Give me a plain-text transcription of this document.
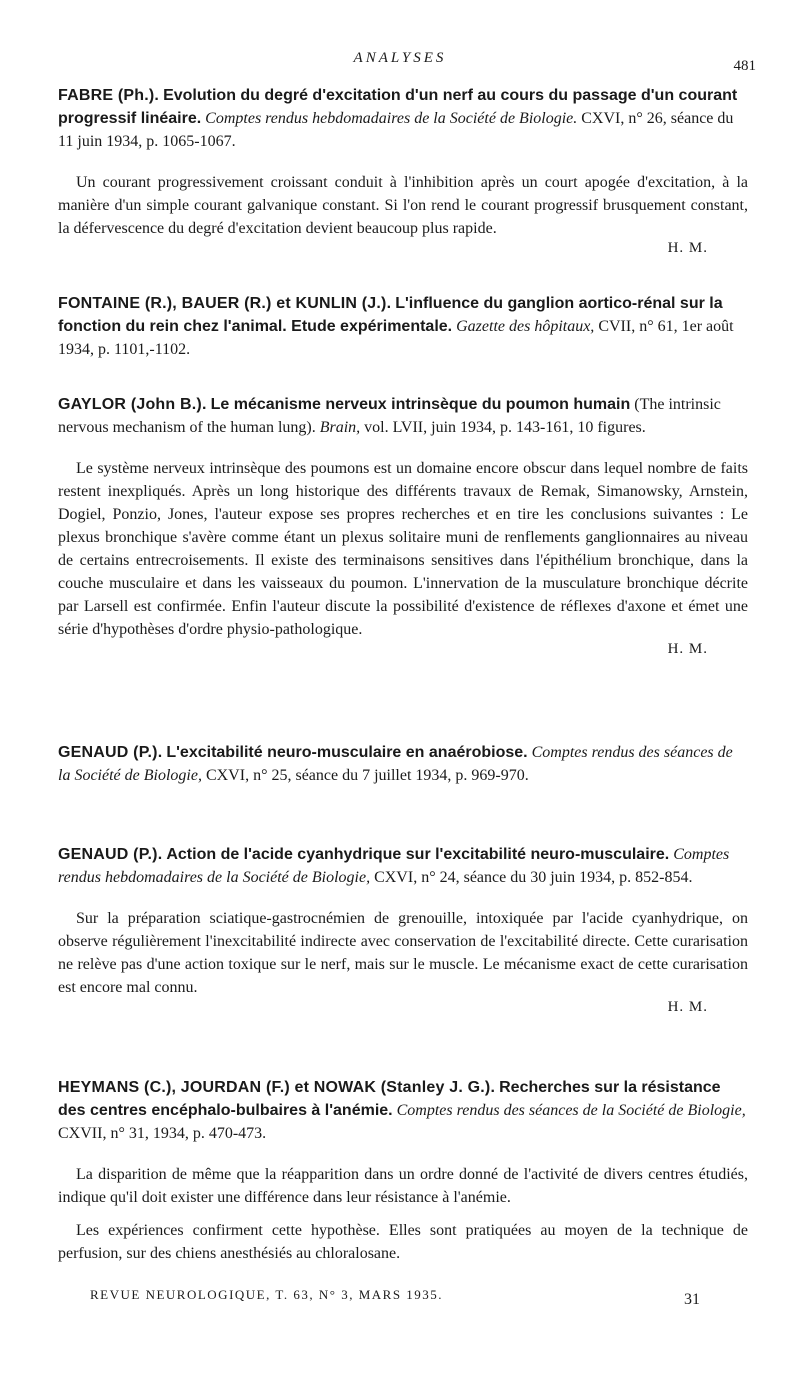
ANALYSES	481

FABRE (Ph.). Evolution du degré d'excitation d'un nerf au cours du passage d'un courant progressif linéaire. Comptes rendus hebdomadaires de la Société de Biologie. CXVI, n° 26, séance du 11 juin 1934, p. 1065-1067.

Un courant progressivement croissant conduit à l'inhibition après un court apogée d'excitation, à la manière d'un simple courant galvanique constant. Si l'on rend le courant progressif brusquement constant, la défervescence du degré d'excitation devient beaucoup plus rapide.

H. M.

FONTAINE (R.), BAUER (R.) et KUNLIN (J.). L'influence du ganglion aortico-rénal sur la fonction du rein chez l'animal. Etude expérimentale. Gazette des hôpitaux, CVII, n° 61, 1er août 1934, p. 1101,-1102.

GAYLOR (John B.). Le mécanisme nerveux intrinsèque du poumon humain (The intrinsic nervous mechanism of the human lung). Brain, vol. LVII, juin 1934, p. 143-161, 10 figures.

Le système nerveux intrinsèque des poumons est un domaine encore obscur dans lequel nombre de faits restent inexpliqués. Après un long historique des différents travaux de Remak, Simanowsky, Arnstein, Dogiel, Ponzio, Jones, l'auteur expose ses propres recherches et en tire les conclusions suivantes : Le plexus bronchique s'avère comme étant un plexus solitaire muni de renflements ganglionnaires au niveau de certains entrecroisements. Il existe des terminaisons sensitives dans l'épithélium bronchique, dans la couche musculaire et dans les vaisseaux du poumon. L'innervation de la musculature bronchique décrite par Larsell est confirmée. Enfin l'auteur discute la possibilité d'existence de réflexes d'axone et émet une série d'hypothèses d'ordre physio-pathologique.

H. M.

GENAUD (P.). L'excitabilité neuro-musculaire en anaérobiose. Comptes rendus des séances de la Société de Biologie, CXVI, n° 25, séance du 7 juillet 1934, p. 969-970.

GENAUD (P.). Action de l'acide cyanhydrique sur l'excitabilité neuro-musculaire. Comptes rendus hebdomadaires de la Société de Biologie, CXVI, n° 24, séance du 30 juin 1934, p. 852-854.

Sur la préparation sciatique-gastrocnémien de grenouille, intoxiquée par l'acide cyanhydrique, on observe régulièrement l'inexcitabilité indirecte avec conservation de l'excitabilité directe. Cette curarisation ne relève pas d'une action toxique sur le nerf, mais sur le muscle. Le mécanisme exact de cette curarisation est encore mal connu.

H. M.

HEYMANS (C.), JOURDAN (F.) et NOWAK (Stanley J. G.). Recherches sur la résistance des centres encéphalo-bulbaires à l'anémie. Comptes rendus des séances de la Société de Biologie, CXVII, n° 31, 1934, p. 470-473.

La disparition de même que la réapparition dans un ordre donné de l'activité de divers centres étudiés, indique qu'il doit exister une différence dans leur résistance à l'anémie.

Les expériences confirment cette hypothèse. Elles sont pratiquées au moyen de la technique de perfusion, sur des chiens anesthésiés au chloralosane.

REVUE NEUROLOGIQUE, T. 63, N° 3, MARS 1935.	31
